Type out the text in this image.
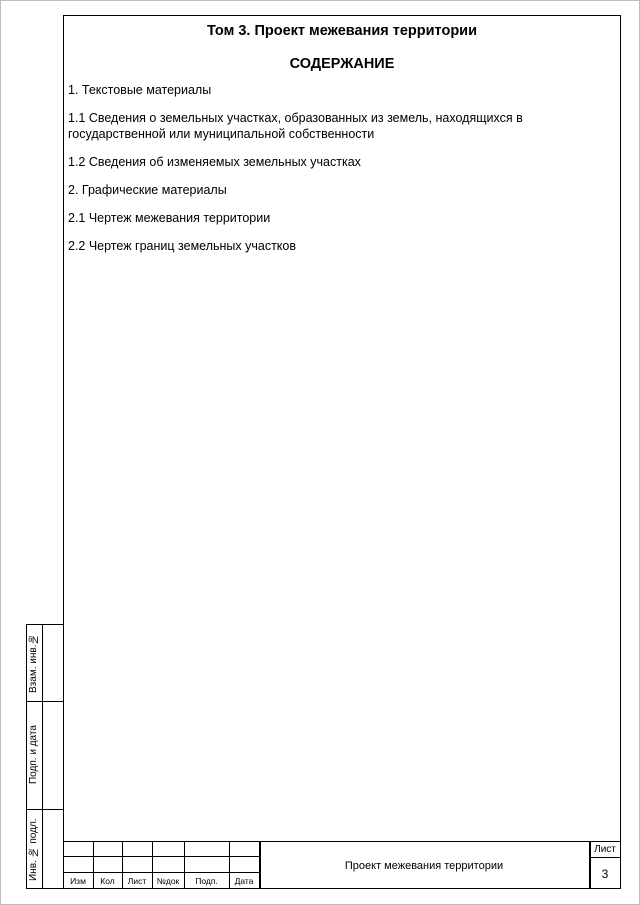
Том 3. Проект межевания территории
СОДЕРЖАНИЕ
1. Текстовые материалы
1.1 Сведения о земельных участках, образованных из земель, находящихся в
государственной или муниципальной собственности
1.2 Сведения об изменяемых земельных участках
2. Графические материалы
2.1 Чертеж межевания территории
2.2 Чертеж границ земельных участков
Взам. инв.№
Подп. и дата
Инв. № подл.	Изм	Кол	Лист	№док	Подп.	Дата
Проект межевания территории
Лист
3
